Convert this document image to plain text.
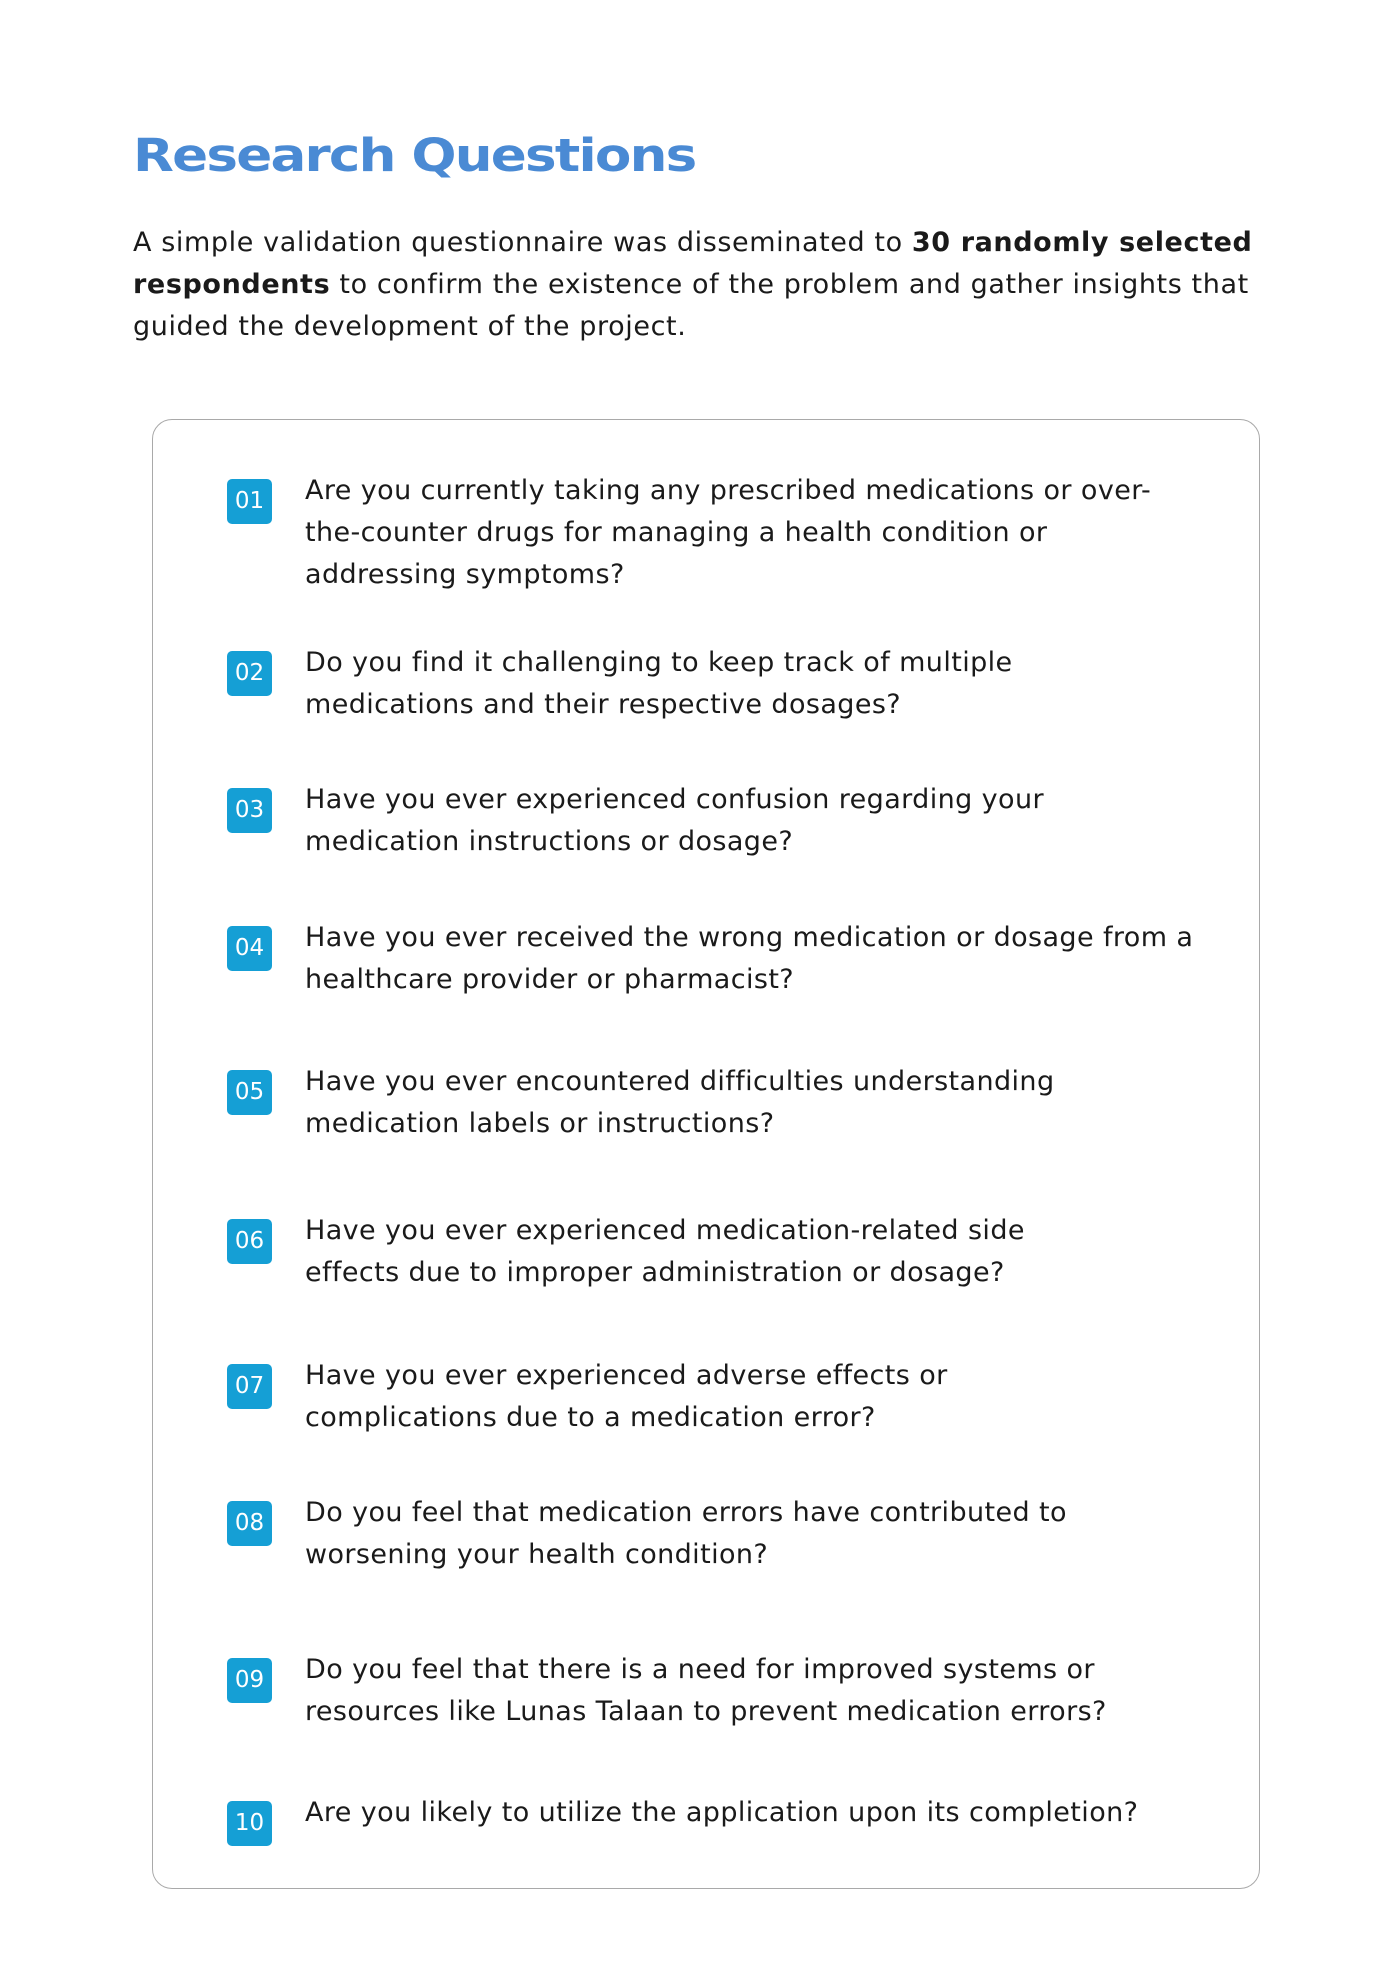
Research Questions

A simple validation questionnaire was disseminated to 30 randomly selected respondents to confirm the existence of the problem and gather insights that guided the development of the project.

01 Are you currently taking any prescribed medications or over-the-counter drugs for managing a health condition or addressing symptoms?

02 Do you find it challenging to keep track of multiple medications and their respective dosages?

03 Have you ever experienced confusion regarding your medication instructions or dosage?

04 Have you ever received the wrong medication or dosage from a healthcare provider or pharmacist?

05 Have you ever encountered difficulties understanding medication labels or instructions?

06 Have you ever experienced medication-related side effects due to improper administration or dosage?

07 Have you ever experienced adverse effects or complications due to a medication error?

08 Do you feel that medication errors have contributed to worsening your health condition?

09 Do you feel that there is a need for improved systems or resources like Lunas Talaan to prevent medication errors?

10 Are you likely to utilize the application upon its completion?
